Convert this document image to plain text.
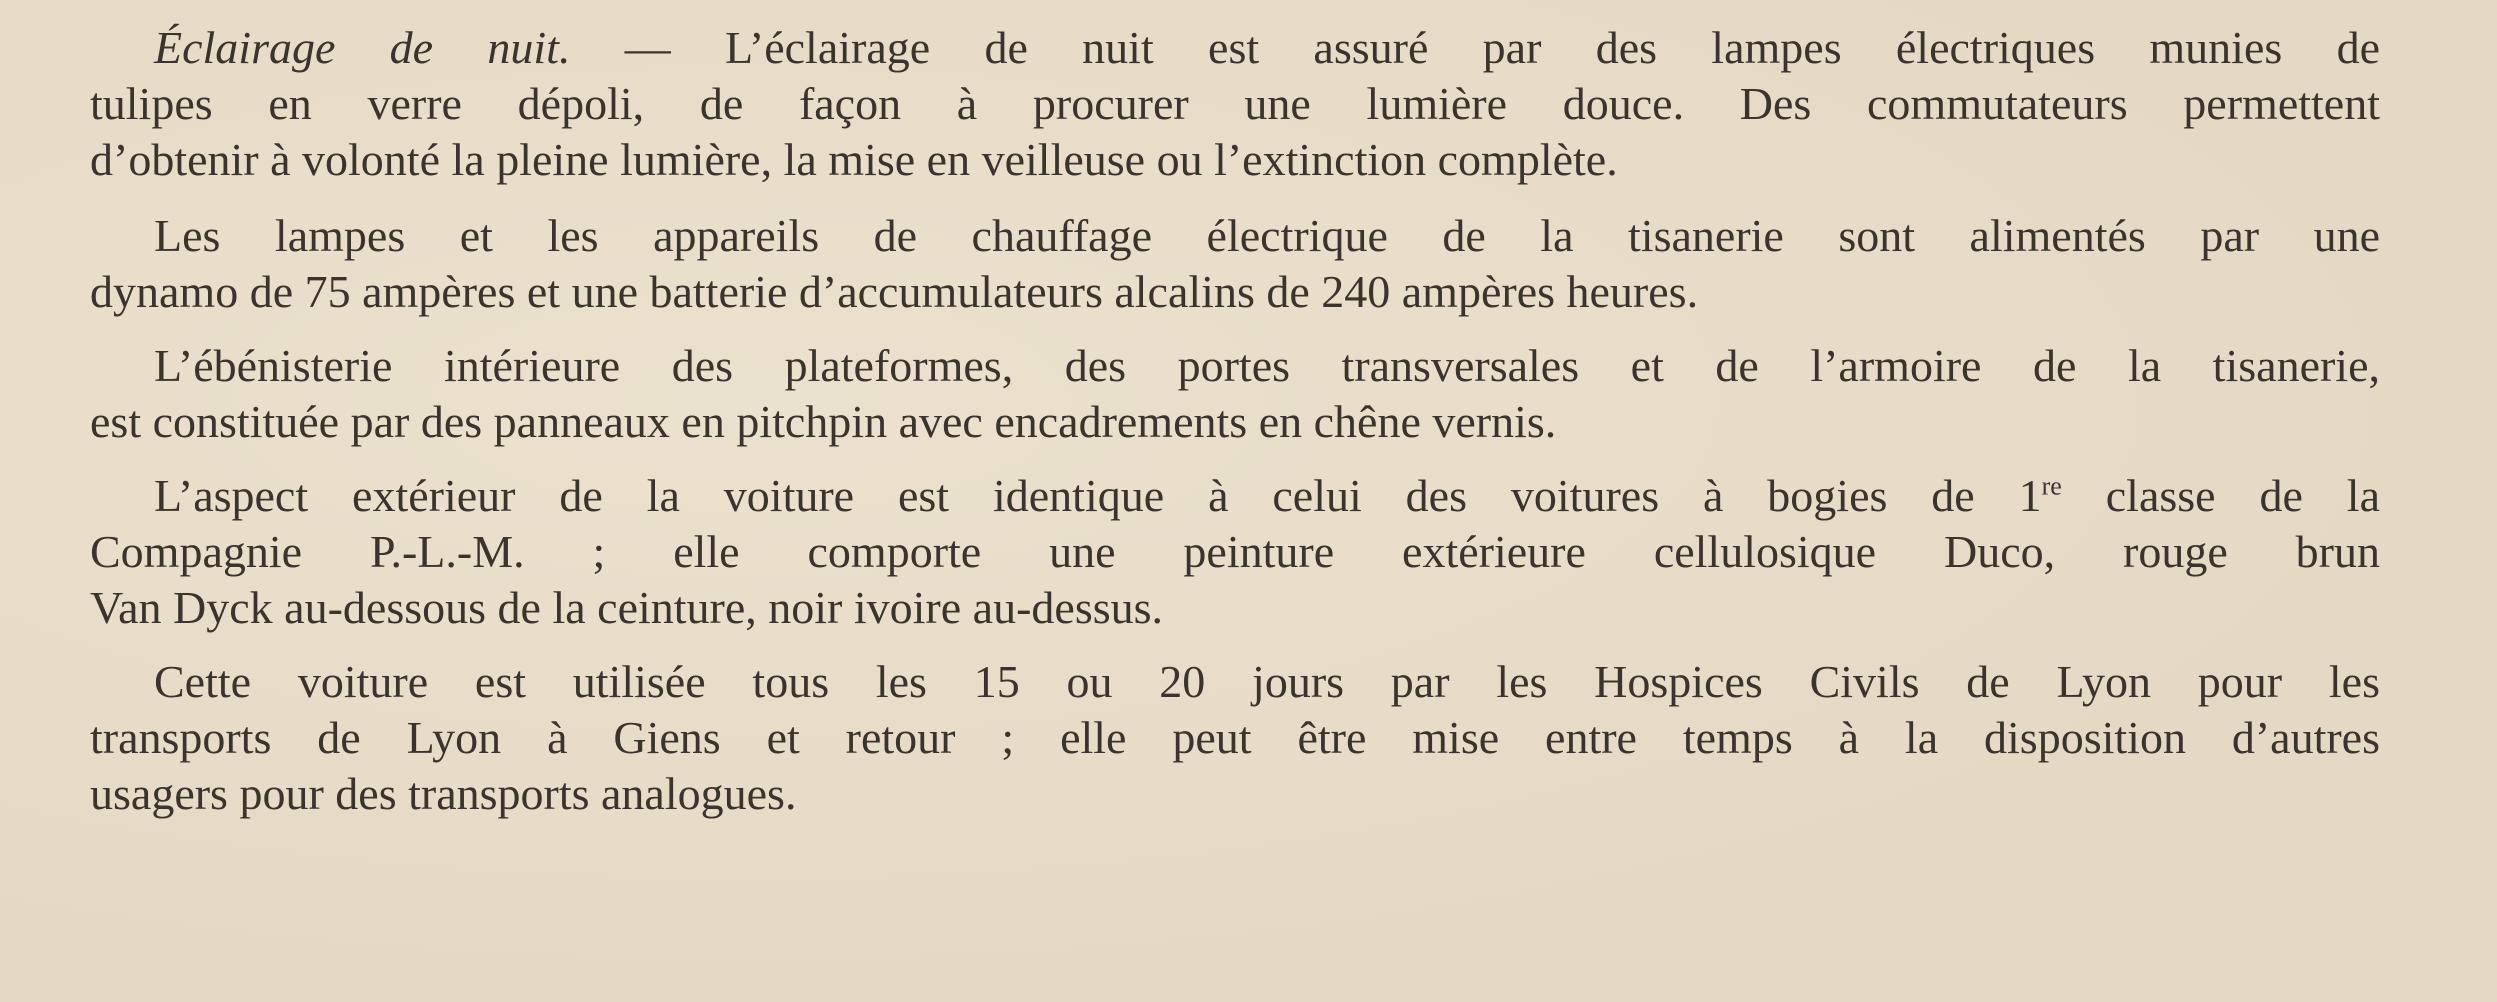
Éclairage de nuit. — L’éclairage de nuit est assuré par des lampes électriques munies de
tulipes en verre dépoli, de façon à procurer une lumière douce. Des commutateurs permettent
d’obtenir à volonté la pleine lumière, la mise en veilleuse ou l’extinction complète.
Les lampes et les appareils de chauffage électrique de la tisanerie sont alimentés par une
dynamo de 75 ampères et une batterie d’accumulateurs alcalins de 240 ampères heures.
L’ébénisterie intérieure des plateformes, des portes transversales et de l’armoire de la tisanerie,
est constituée par des panneaux en pitchpin avec encadrements en chêne vernis.
L’aspect extérieur de la voiture est identique à celui des voitures à bogies de 1re classe de la
Compagnie P.-L.-M. ; elle comporte une peinture extérieure cellulosique Duco, rouge brun
Van Dyck au-dessous de la ceinture, noir ivoire au-dessus.
Cette voiture est utilisée tous les 15 ou 20 jours par les Hospices Civils de Lyon pour les
transports de Lyon à Giens et retour ; elle peut être mise entre temps à la disposition d’autres
usagers pour des transports analogues.
